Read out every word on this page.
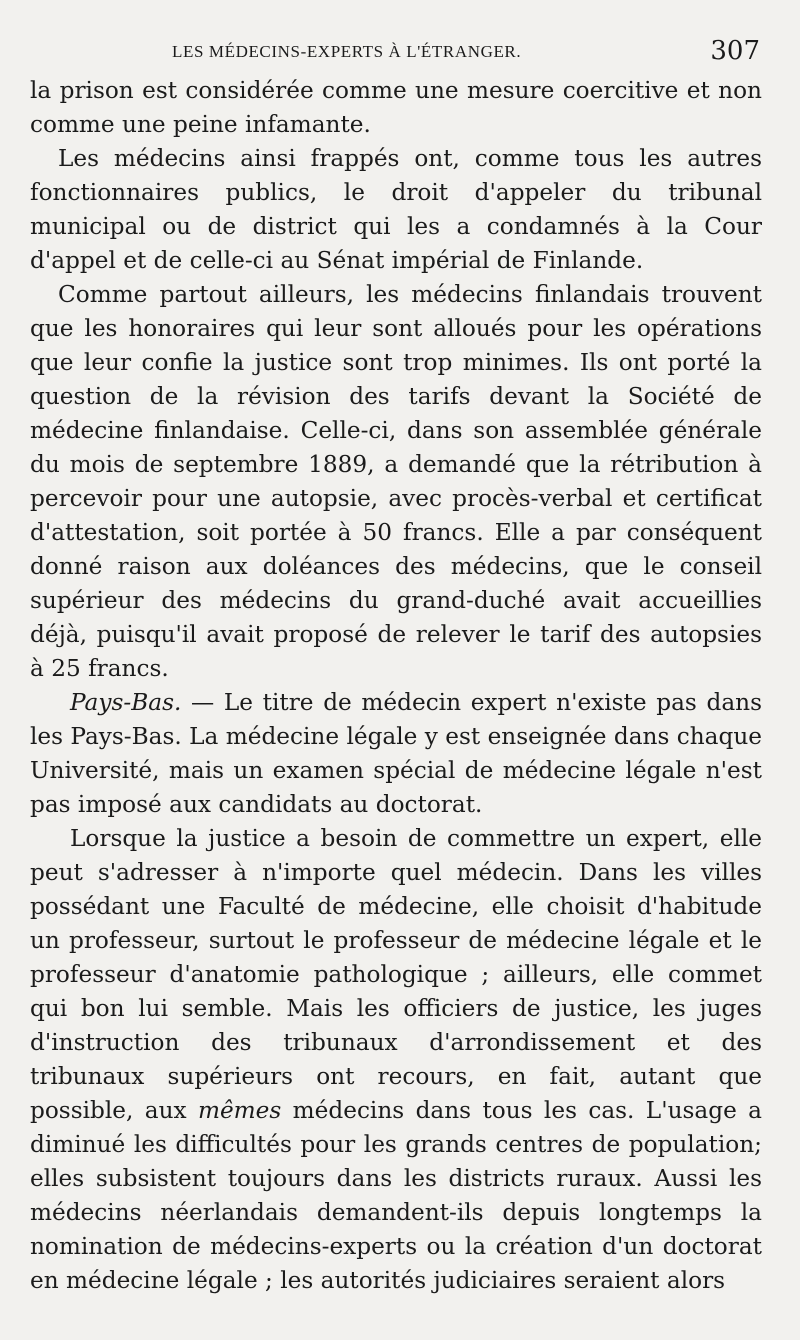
LES MÉDECINS-EXPERTS À L'ÉTRANGER.	307

la prison est considérée comme une mesure coercitive et non comme une peine infamante.

Les médecins ainsi frappés ont, comme tous les autres fonctionnaires publics, le droit d'appeler du tribunal municipal ou de district qui les a condamnés à la Cour d'appel et de celle-ci au Sénat impérial de Finlande.

Comme partout ailleurs, les médecins finlandais trouvent que les honoraires qui leur sont alloués pour les opérations que leur confie la justice sont trop minimes. Ils ont porté la question de la révision des tarifs devant la Société de médecine finlandaise. Celle-ci, dans son assemblée générale du mois de septembre 1889, a demandé que la rétribution à percevoir pour une autopsie, avec procès-verbal et certificat d'attestation, soit portée à 50 francs. Elle a par conséquent donné raison aux doléances des médecins, que le conseil supérieur des médecins du grand-duché avait accueillies déjà, puisqu'il avait proposé de relever le tarif des autopsies à 25 francs.

Pays-Bas. — Le titre de médecin expert n'existe pas dans les Pays-Bas. La médecine légale y est enseignée dans chaque Université, mais un examen spécial de médecine légale n'est pas imposé aux candidats au doctorat.

Lorsque la justice a besoin de commettre un expert, elle peut s'adresser à n'importe quel médecin. Dans les villes possédant une Faculté de médecine, elle choisit d'habitude un professeur, surtout le professeur de médecine légale et le professeur d'anatomie pathologique ; ailleurs, elle commet qui bon lui semble. Mais les officiers de justice, les juges d'instruction des tribunaux d'arrondissement et des tribunaux supérieurs ont recours, en fait, autant que possible, aux mêmes médecins dans tous les cas. L'usage a diminué les difficultés pour les grands centres de population; elles subsistent toujours dans les districts ruraux. Aussi les médecins néerlandais demandent-ils depuis longtemps la nomination de médecins-experts ou la création d'un doctorat en médecine légale ; les autorités judiciaires seraient alors
